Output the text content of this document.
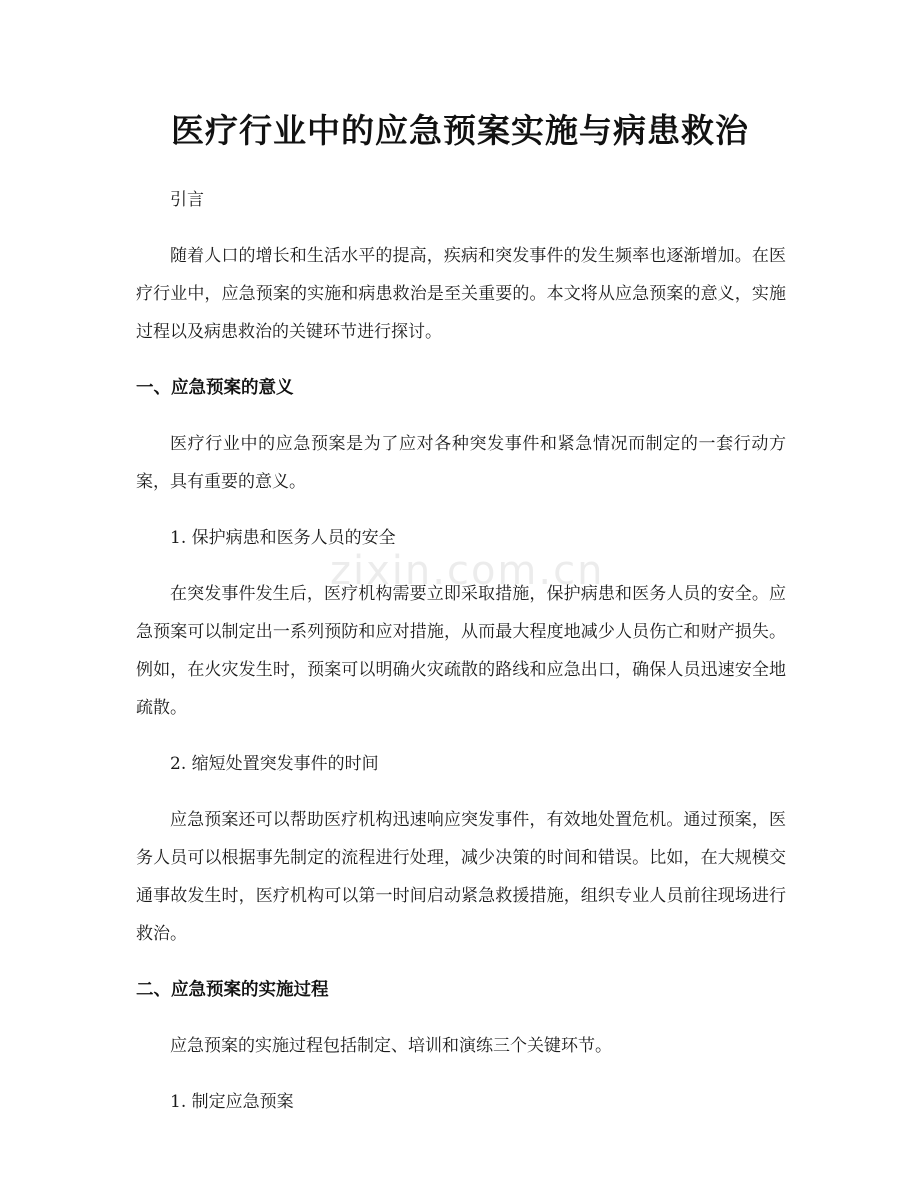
医疗行业中的应急预案实施与病患救治
zixin.com.cn

引言

随着人口的增长和生活水平的提高，疾病和突发事件的发生频率也逐渐增加。在医疗行业中，应急预案的实施和病患救治是至关重要的。本文将从应急预案的意义，实施过程以及病患救治的关键环节进行探讨。

一、应急预案的意义

医疗行业中的应急预案是为了应对各种突发事件和紧急情况而制定的一套行动方案，具有重要的意义。

1. 保护病患和医务人员的安全

在突发事件发生后，医疗机构需要立即采取措施，保护病患和医务人员的安全。应急预案可以制定出一系列预防和应对措施，从而最大程度地减少人员伤亡和财产损失。例如，在火灾发生时，预案可以明确火灾疏散的路线和应急出口，确保人员迅速安全地疏散。

2. 缩短处置突发事件的时间

应急预案还可以帮助医疗机构迅速响应突发事件，有效地处置危机。通过预案，医务人员可以根据事先制定的流程进行处理，减少决策的时间和错误。比如，在大规模交通事故发生时，医疗机构可以第一时间启动紧急救援措施，组织专业人员前往现场进行救治。

二、应急预案的实施过程

应急预案的实施过程包括制定、培训和演练三个关键环节。

1. 制定应急预案
